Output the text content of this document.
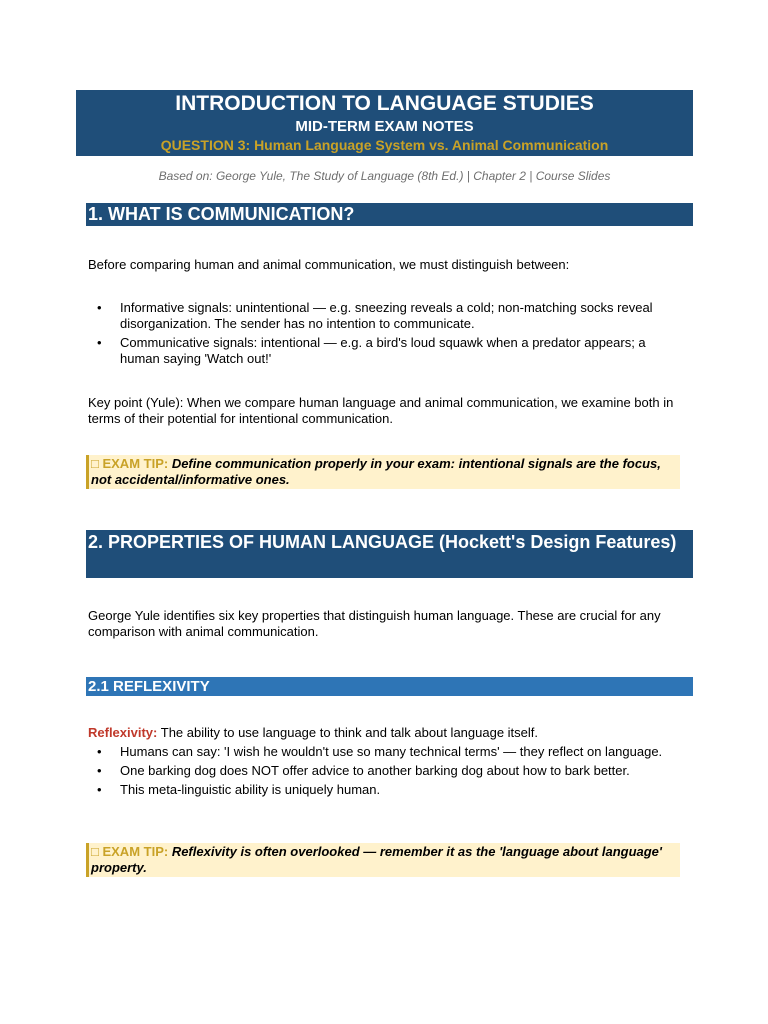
INTRODUCTION TO LANGUAGE STUDIES
MID-TERM EXAM NOTES
QUESTION 3: Human Language System vs. Animal Communication
Based on: George Yule, The Study of Language (8th Ed.) | Chapter 2 | Course Slides
1. WHAT IS COMMUNICATION?
Before comparing human and animal communication, we must distinguish between:
• Informative signals: unintentional — e.g. sneezing reveals a cold; non-matching socks reveal disorganization. The sender has no intention to communicate.
• Communicative signals: intentional — e.g. a bird's loud squawk when a predator appears; a human saying 'Watch out!'
Key point (Yule): When we compare human language and animal communication, we examine both in terms of their potential for intentional communication.
□ EXAM TIP: Define communication properly in your exam: intentional signals are the focus, not accidental/informative ones.
2. PROPERTIES OF HUMAN LANGUAGE (Hockett's Design Features)
George Yule identifies six key properties that distinguish human language. These are crucial for any comparison with animal communication.
2.1 REFLEXIVITY
Reflexivity: The ability to use language to think and talk about language itself.
• Humans can say: 'I wish he wouldn't use so many technical terms' — they reflect on language.
• One barking dog does NOT offer advice to another barking dog about how to bark better.
• This meta-linguistic ability is uniquely human.
□ EXAM TIP: Reflexivity is often overlooked — remember it as the 'language about language' property.
